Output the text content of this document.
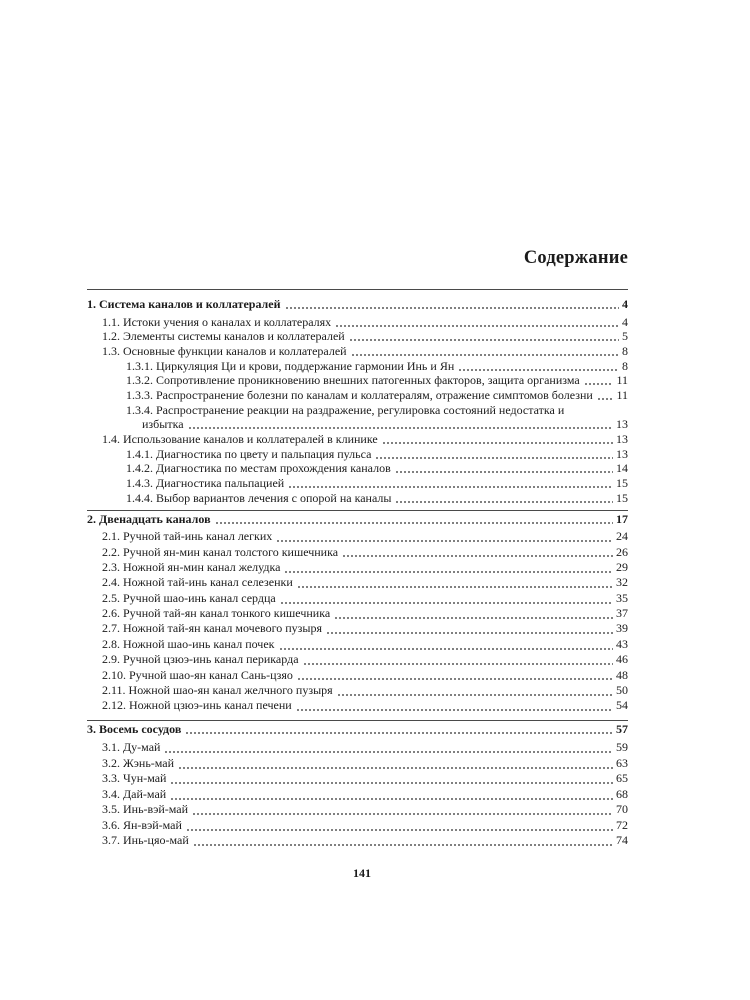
Содержание
1. Система каналов и коллатералей	4
1.1. Истоки учения о каналах и коллатералях	4
1.2. Элементы системы каналов и коллатералей	5
1.3. Основные функции каналов и коллатералей	8
1.3.1. Циркуляция Ци и крови, поддержание гармонии Инь и Ян	8
1.3.2. Сопротивление проникновению внешних патогенных факторов, защита организма	11
1.3.3. Распространение болезни по каналам и коллатералям, отражение симптомов болезни 11
1.3.4. Распространение реакции на раздражение, регулировка состояний недостатка и
избытка	13
1.4. Использование каналов и коллатералей в клинике	13
1.4.1. Диагностика по цвету и пальпация пульса	13
1.4.2. Диагностика по местам прохождения каналов	14
1.4.3. Диагностика пальпацией	15
1.4.4. Выбор вариантов лечения с опорой на каналы	15
2. Двенадцать каналов	17
2.1. Ручной тай-инь канал легких	24
2.2. Ручной ян-мин канал толстого кишечника	26
2.3. Ножной ян-мин канал желудка	29
2.4. Ножной тай-инь канал селезенки	32
2.5. Ручной шао-инь канал сердца	35
2.6. Ручной тай-ян канал тонкого кишечника	37
2.7. Ножной тай-ян канал мочевого пузыря	39
2.8. Ножной шао-инь канал почек	43
2.9. Ручной цзюэ-инь канал перикарда	46
2.10. Ручной шао-ян канал Сань-цзяо	48
2.11. Ножной шао-ян канал желчного пузыря	50
2.12. Ножной цзюэ-инь канал печени	54
3. Восемь сосудов	57
3.1. Ду-май	59
3.2. Жэнь-май	63
3.3. Чун-май	65
3.4. Дай-май	68
3.5. Инь-вэй-май	70
3.6. Ян-вэй-май	72
3.7. Инь-цяо-май	74
141
